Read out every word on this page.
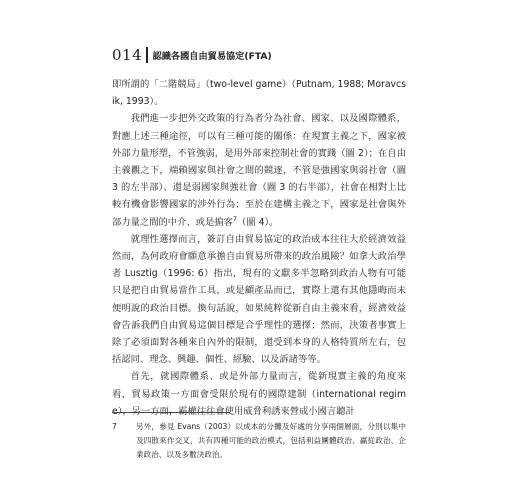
014 認識各國自由貿易協定(FTA)

即所謂的「二階競局」（two-level game）（Putnam, 1988; Moravcsik, 1993）。

我們進一步把外交政策的行為者分為社會、國家、以及國際體系，對應上述三種途徑，可以有三種可能的關係：在現實主義之下，國家被外部力量形塑，不管強弱，是用外部來控制社會的實踐（圖 2）；在自由主義觀之下，端賴國家與社會之間的競逐，不管是強國家與弱社會（圖 3 的左半部）、還是弱國家與強社會（圖 3 的右半部），社會在相對上比較有機會影響國家的涉外行為；至於在建構主義之下，國家是社會與外部力量之間的中介、或是掮客$^7$（圖 4）。

就理性選擇而言，簽訂自由貿易協定的政治成本往往大於經濟效益然而，為何政府會願意承擔自由貿易所帶來的政治風險？如拿大政治學者 Lusztig（1996: 6）指出，現有的文獻多半忽略到政治人物有可能只是把自由貿易當作工具，或是顧產品而已，實際上還有其他隱晦而未便明說的政治目標。換句話說，如果純粹從新自由主義來看，經濟效益會告訴我們自由貿易這個目標是合乎理性的選擇；然而，決策者事實上除了必須面對各種來自內外的限制，還受到本身的人格特質所左右，包括認同、理念、興趣、個性、經驗、以及訴諸等等。

首先，就國際體系、或是外部力量而言，從新現實主義的角度來看，貿易政策一方面會受限於現有的國際建制（international regime），另一方面，霸權往往會使用威脅利誘來營成小國言聽計

7	另外，參見 Evans（2003）以成本的分攤及好處的分享兩個層面，分別以集中及四散來作交叉，共有四種可能的政治模式，包括利益團體政治、贏從政治、企業政治、以及多數決政治。
